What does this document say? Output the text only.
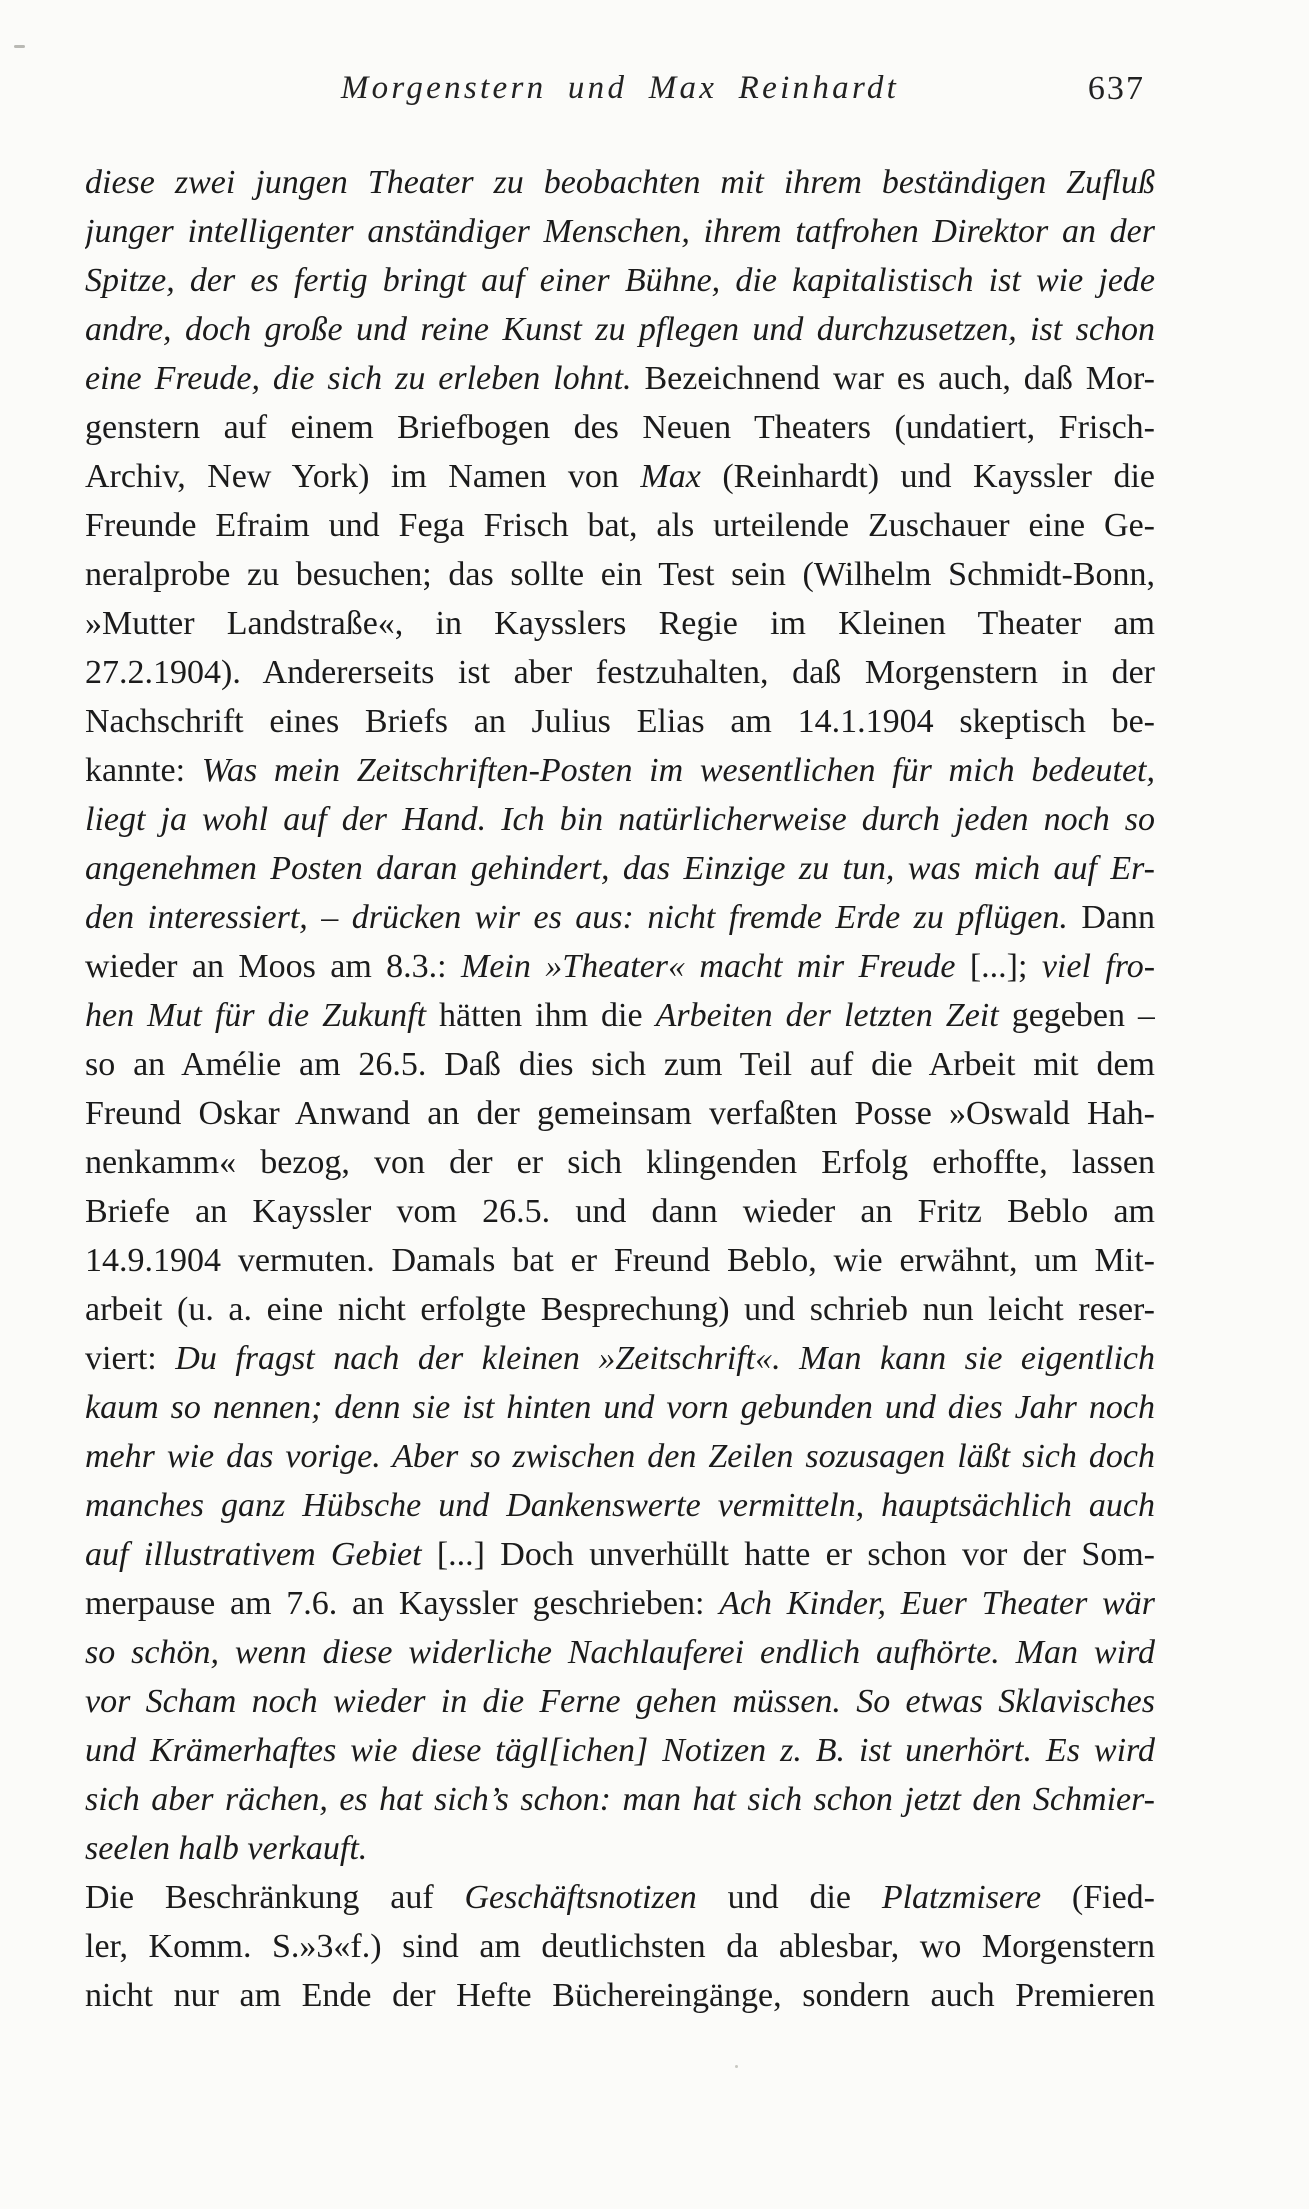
Morgenstern und Max Reinhardt	637
diese zwei jungen Theater zu beobachten mit ihrem beständigen Zufluß
junger intelligenter anständiger Menschen, ihrem tatfrohen Direktor an der
Spitze, der es fertig bringt auf einer Bühne, die kapitalistisch ist wie jede
andre, doch große und reine Kunst zu pflegen und durchzusetzen, ist schon
eine Freude, die sich zu erleben lohnt. Bezeichnend war es auch, daß Mor-
genstern auf einem Briefbogen des Neuen Theaters (undatiert, Frisch-
Archiv, New York) im Namen von Max (Reinhardt) und Kayssler die
Freunde Efraim und Fega Frisch bat, als urteilende Zuschauer eine Ge-
neralprobe zu besuchen; das sollte ein Test sein (Wilhelm Schmidt-Bonn,
»Mutter Landstraße«, in Kaysslers Regie im Kleinen Theater am
27.2.1904). Andererseits ist aber festzuhalten, daß Morgenstern in der
Nachschrift eines Briefs an Julius Elias am 14.1.1904 skeptisch be-
kannte: Was mein Zeitschriften-Posten im wesentlichen für mich bedeutet,
liegt ja wohl auf der Hand. Ich bin natürlicherweise durch jeden noch so
angenehmen Posten daran gehindert, das Einzige zu tun, was mich auf Er-
den interessiert, – drücken wir es aus: nicht fremde Erde zu pflügen. Dann
wieder an Moos am 8.3.: Mein »Theater« macht mir Freude [...]; viel fro-
hen Mut für die Zukunft hätten ihm die Arbeiten der letzten Zeit gegeben –
so an Amélie am 26.5. Daß dies sich zum Teil auf die Arbeit mit dem
Freund Oskar Anwand an der gemeinsam verfaßten Posse »Oswald Hah-
nenkamm« bezog, von der er sich klingenden Erfolg erhoffte, lassen
Briefe an Kayssler vom 26.5. und dann wieder an Fritz Beblo am
14.9.1904 vermuten. Damals bat er Freund Beblo, wie erwähnt, um Mit-
arbeit (u. a. eine nicht erfolgte Besprechung) und schrieb nun leicht reser-
viert: Du fragst nach der kleinen »Zeitschrift«. Man kann sie eigentlich
kaum so nennen; denn sie ist hinten und vorn gebunden und dies Jahr noch
mehr wie das vorige. Aber so zwischen den Zeilen sozusagen läßt sich doch
manches ganz Hübsche und Dankenswerte vermitteln, hauptsächlich auch
auf illustrativem Gebiet [...] Doch unverhüllt hatte er schon vor der Som-
merpause am 7.6. an Kayssler geschrieben: Ach Kinder, Euer Theater wär
so schön, wenn diese widerliche Nachlauferei endlich aufhörte. Man wird
vor Scham noch wieder in die Ferne gehen müssen. So etwas Sklavisches
und Krämerhaftes wie diese tägl[ichen] Notizen z. B. ist unerhört. Es wird
sich aber rächen, es hat sich’s schon: man hat sich schon jetzt den Schmier-
seelen halb verkauft.
Die Beschränkung auf Geschäftsnotizen und die Platzmisere (Fied-
ler, Komm. S.»3«f.) sind am deutlichsten da ablesbar, wo Morgenstern
nicht nur am Ende der Hefte Büchereingänge, sondern auch Premieren
